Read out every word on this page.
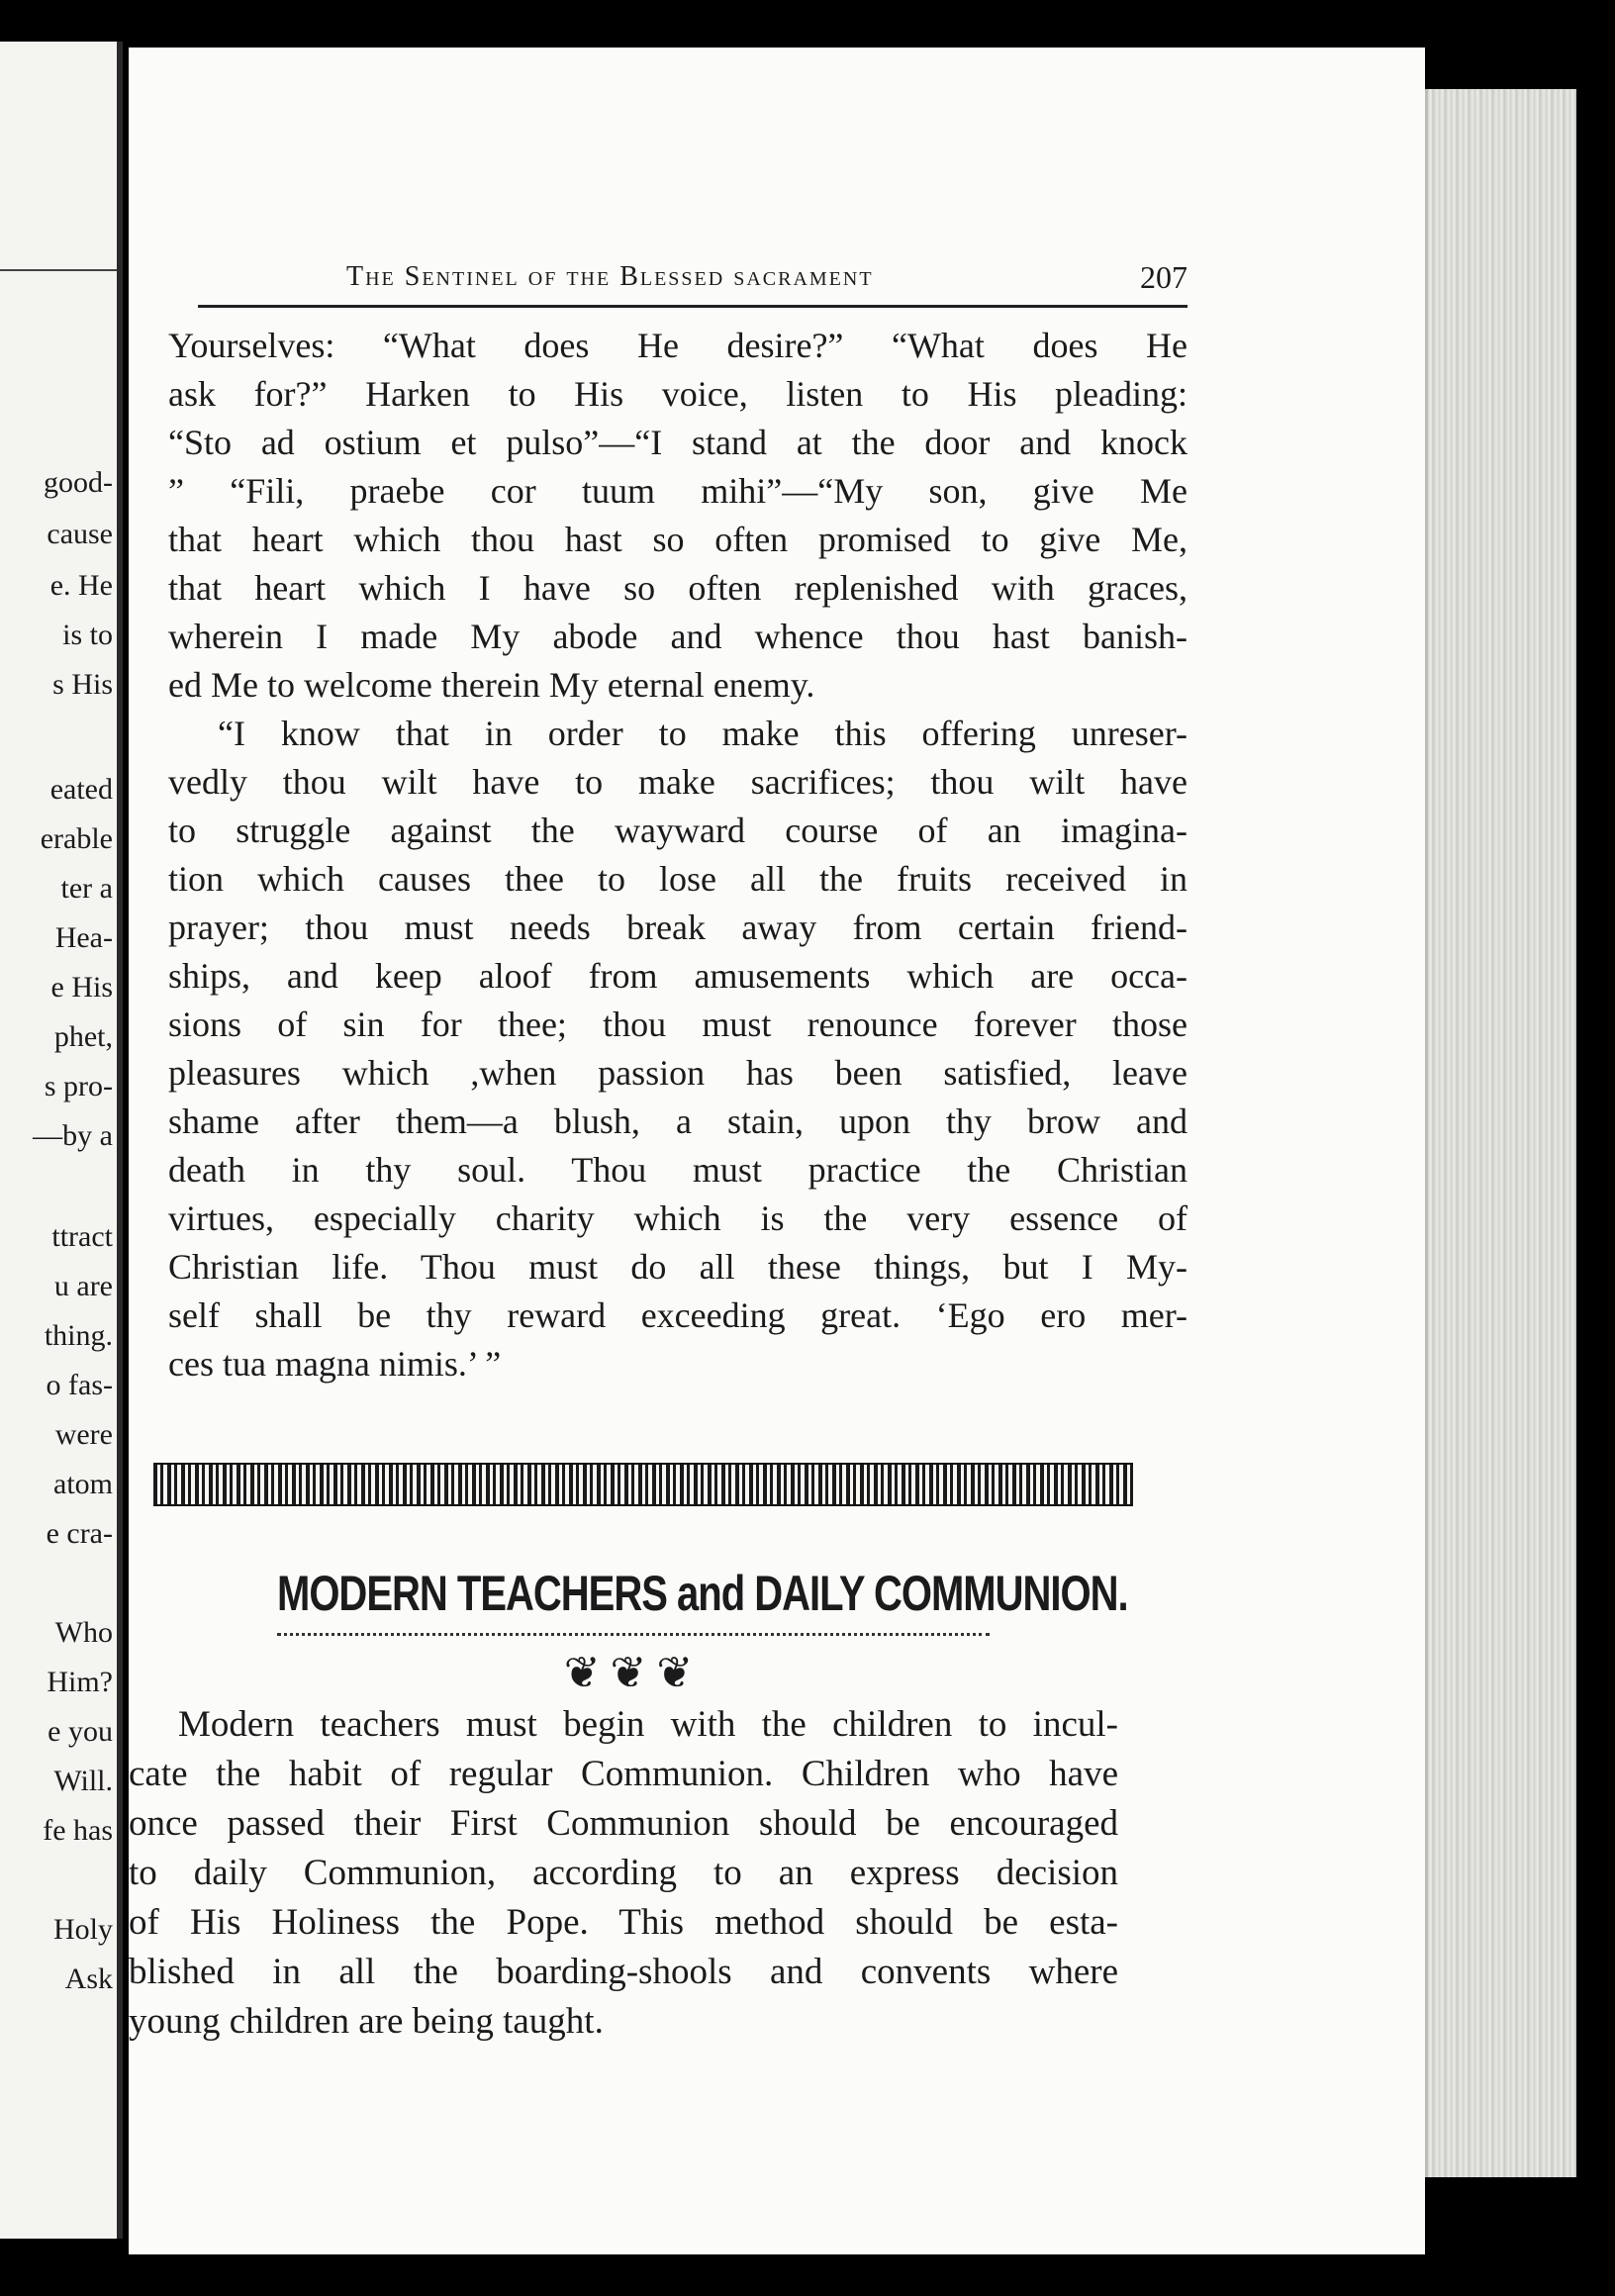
good-
cause
e. He
is to
s His
eated
erable
ter a
Hea-
e His
phet,
s pro-
—by a
ttract
u are
thing.
o fas-
were
atom
e cra-
Who
Him?
e you
Will.
fe has
Holy
Ask
The Sentinel of the Blessed sacrament	207
Yourselves: “What does He desire?” “What does He
ask for?” Harken to His voice, listen to His pleading:
“Sto ad ostium et pulso”—“I stand at the door and knock
” “Fili, praebe cor tuum mihi”—“My son, give Me
that heart which thou hast so often promised to give Me,
that heart which I have so often replenished with graces,
wherein I made My abode and whence thou hast banish-
ed Me to welcome therein My eternal enemy.
“I know that in order to make this offering unreser-
vedly thou wilt have to make sacrifices; thou wilt have
to struggle against the wayward course of an imagina-
tion which causes thee to lose all the fruits received in
prayer; thou must needs break away from certain friend-
ships, and keep aloof from amusements which are occa-
sions of sin for thee; thou must renounce forever those
pleasures which ,when passion has been satisfied, leave
shame after them—a blush, a stain, upon thy brow and
death in thy soul. Thou must practice the Christian
virtues, especially charity which is the very essence of
Christian life. Thou must do all these things, but I My-
self shall be thy reward exceeding great. ‘Ego ero mer-
ces tua magna nimis.’ ”
MODERN TEACHERS and DAILY COMMUNION.
❦❦❦
Modern teachers must begin with the children to incul-
cate the habit of regular Communion. Children who have
once passed their First Communion should be encouraged
to daily Communion, according to an express decision
of His Holiness the Pope. This method should be esta-
blished in all the boarding-shools and convents where
young children are being taught.
